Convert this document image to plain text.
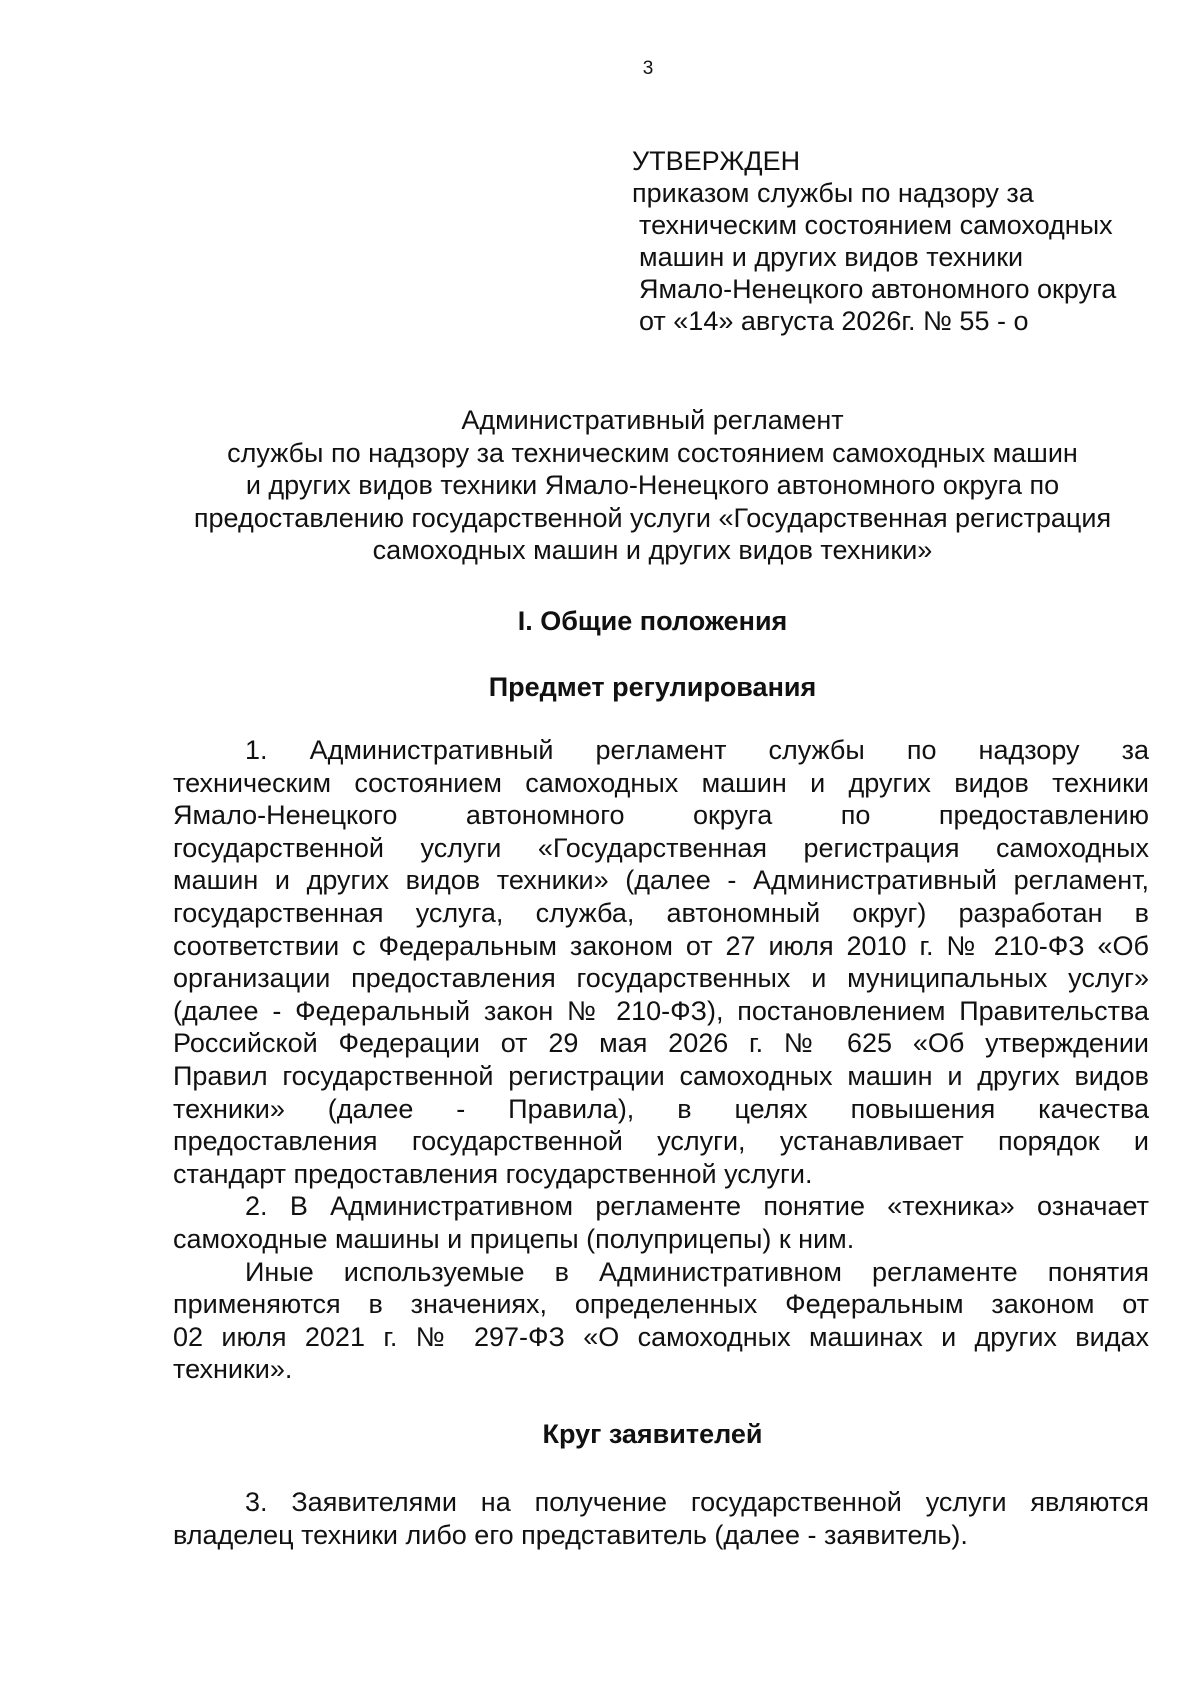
3
УТВЕРЖДЕН
приказом службы по надзору за
техническим состоянием самоходных
машин и других видов техники
Ямало-Ненецкого автономного округа
от «14» августа 2026г. № 55 - о
Административный регламент
службы по надзору за техническим состоянием самоходных машин
и других видов техники Ямало-Ненецкого автономного округа по
предоставлению государственной услуги «Государственная регистрация
самоходных машин и других видов техники»
I. Общие положения
Предмет регулирования
1. Административный регламент службы по надзору за
техническим состоянием самоходных машин и других видов техники
Ямало-Ненецкого автономного округа по предоставлению
государственной услуги «Государственная регистрация самоходных
машин и других видов техники» (далее - Административный регламент,
государственная услуга, служба, автономный округ) разработан в
соответствии с Федеральным законом от 27 июля 2010 г. № 210-ФЗ «Об
организации предоставления государственных и муниципальных услуг»
(далее - Федеральный закон № 210-ФЗ), постановлением Правительства
Российской Федерации от 29 мая 2026 г. № 625 «Об утверждении
Правил государственной регистрации самоходных машин и других видов
техники» (далее - Правила), в целях повышения качества
предоставления государственной услуги, устанавливает порядок и
стандарт предоставления государственной услуги.
2. В Административном регламенте понятие «техника» означает
самоходные машины и прицепы (полуприцепы) к ним.
Иные используемые в Административном регламенте понятия
применяются в значениях, определенных Федеральным законом от
02 июля 2021 г. № 297-ФЗ «О самоходных машинах и других видах
техники».
Круг заявителей
3. Заявителями на получение государственной услуги являются
владелец техники либо его представитель (далее - заявитель).
